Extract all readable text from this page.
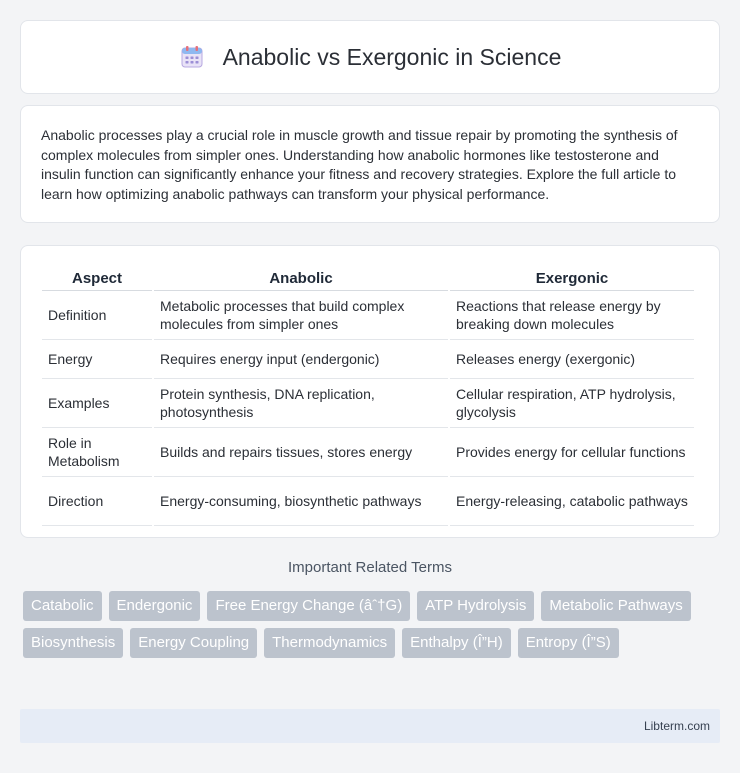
Anabolic vs Exergonic in Science

Anabolic processes play a crucial role in muscle growth and tissue repair by promoting the synthesis of complex molecules from simpler ones. Understanding how anabolic hormones like testosterone and insulin function can significantly enhance your fitness and recovery strategies. Explore the full article to learn how optimizing anabolic pathways can transform your physical performance.

Aspect	Anabolic	Exergonic
Definition	Metabolic processes that build complex molecules from simpler ones	Reactions that release energy by breaking down molecules
Energy	Requires energy input (endergonic)	Releases energy (exergonic)
Examples	Protein synthesis, DNA replication, photosynthesis	Cellular respiration, ATP hydrolysis, glycolysis
Role in Metabolism	Builds and repairs tissues, stores energy	Provides energy for cellular functions
Direction	Energy-consuming, biosynthetic pathways	Energy-releasing, catabolic pathways
Important Related Terms
Catabolic	Endergonic	Free Energy Change (âˆ†G)	ATP Hydrolysis	Metabolic Pathways
Biosynthesis	Energy Coupling	Thermodynamics	Enthalpy (Î”H)	Entropy (Î”S)
Libterm.com
